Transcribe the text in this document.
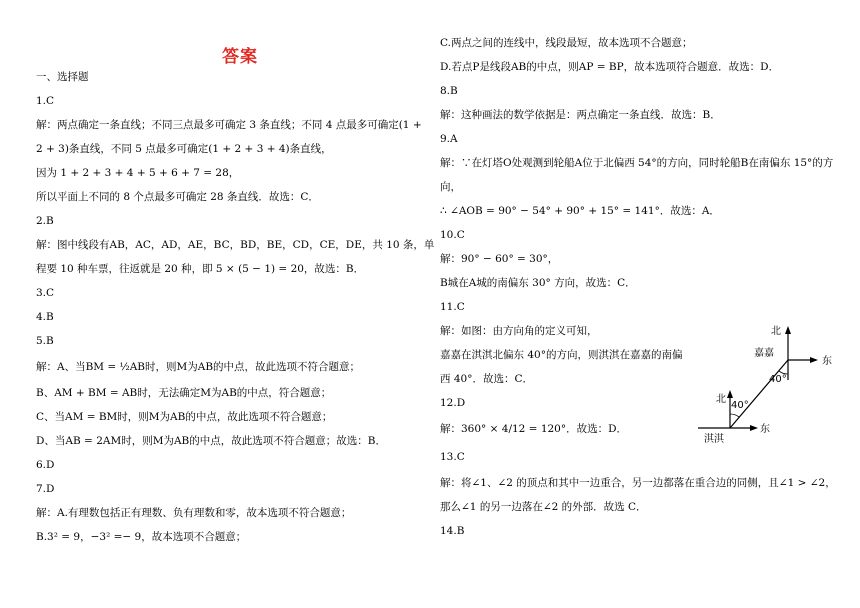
答案
一、选择题
1.C
解：两点确定一条直线；不同三点最多可确定 3 条直线；不同 4 点最多可确定(1 +
2 + 3)条直线，不同 5 点最多可确定(1 + 2 + 3 + 4)条直线，
因为 1 + 2 + 3 + 4 + 5 + 6 + 7 = 28，
所以平面上不同的 8 个点最多可确定 28 条直线．故选：C．
2.B
解：图中线段有AB，AC，AD，AE，BC，BD，BE，CD，CE，DE，共 10 条，单
程要 10 种车票，往返就是 20 种，即 5 × (5 − 1) = 20，故选：B．
3.C
4.B
5.B
解：A、当BM = ½AB时，则M为AB的中点，故此选项不符合题意；
B、AM + BM = AB时，无法确定M为AB的中点，符合题意；
C、当AM = BM时，则M为AB的中点，故此选项不符合题意；
D、当AB = 2AM时，则M为AB的中点，故此选项不符合题意；故选：B．
6.D
7.D
解：A.有理数包括正有理数、负有理数和零，故本选项不符合题意；
B.3² = 9，−3² =− 9，故本选项不合题意；
C.两点之间的连线中，线段最短，故本选项不合题意；
D.若点P是线段AB的中点，则AP = BP，故本选项符合题意．故选：D．
8.B
解：这种画法的数学依据是：两点确定一条直线．故选：B．
9.A
解：∵在灯塔O处观测到轮船A位于北偏西 54°的方向，同时轮船B在南偏东 15°的方
向，
∴ ∠AOB = 90° − 54° + 90° + 15° = 141°．故选：A．
10.C
解：90° − 60° = 30°，
B城在A城的南偏东 30° 方向，故选：C．
11.C
解：如图：由方向角的定义可知，
嘉嘉在淇淇北偏东 40°的方向，则淇淇在嘉嘉的南偏
西 40°．故选：C．
12.D
解：360° × 4/12 = 120°．故选：D．
13.C
解：将∠1、∠2 的顶点和其中一边重合，另一边都落在重合边的同侧，且∠1 > ∠2，
那么∠1 的另一边落在∠2 的外部．故选 C．
14.B
北
东
嘉嘉
40°
北
40°
淇淇
东
